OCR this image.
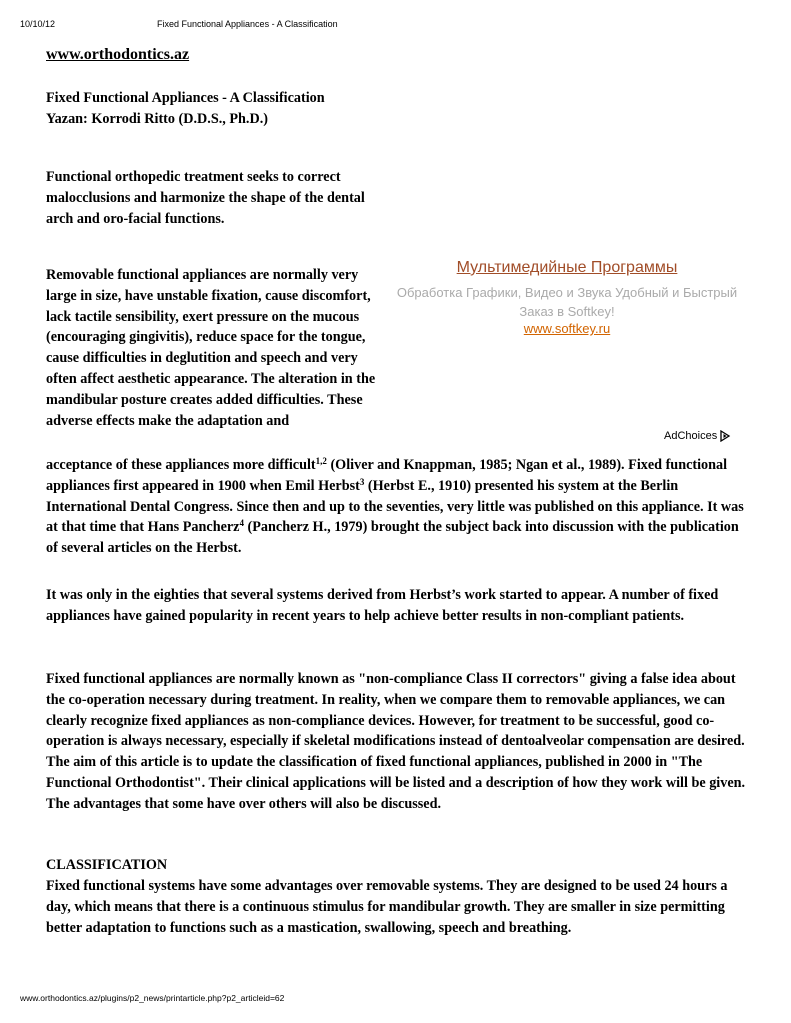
10/10/12	Fixed Functional Appliances - A Classification
www.orthodontics.az

Fixed Functional Appliances - A Classification

Yazan: Korrodi Ritto (D.D.S., Ph.D.)

Functional orthopedic treatment seeks to correct malocclusions and harmonize the shape of the dental arch and oro-facial functions.

Removable functional appliances are normally very large in size, have unstable fixation, cause discomfort, lack tactile sensibility, exert pressure on the mucous (encouraging gingivitis), reduce space for the tongue, cause difficulties in deglutition and speech and very often affect aesthetic appearance. The alteration in the mandibular posture creates added difficulties. These adverse effects make the adaptation and

acceptance of these appliances more difficult$^{1,2}$ (Oliver and Knappman, 1985; Ngan et al., 1989). Fixed functional appliances first appeared in 1900 when Emil Herbst$^3$ (Herbst E., 1910) presented his system at the Berlin International Dental Congress. Since then and up to the seventies, very little was published on this appliance. It was at that time that Hans Pancherz$^4$ (Pancherz H., 1979) brought the subject back into discussion with the publication of several articles on the Herbst.

It was only in the eighties that several systems derived from Herbst’s work started to appear. A number of fixed appliances have gained popularity in recent years to help achieve better results in non-compliant patients.

Fixed functional appliances are normally known as "non-compliance Class II correctors" giving a false idea about the co-operation necessary during treatment. In reality, when we compare them to removable appliances, we can clearly recognize fixed appliances as non-compliance devices. However, for treatment to be successful, good co-operation is always necessary, especially if skeletal modifications instead of dentoalveolar compensation are desired. The aim of this article is to update the classification of fixed functional appliances, published in 2000 in "The Functional Orthodontist". Their clinical applications will be listed and a description of how they work will be given. The advantages that some have over others will also be discussed.

CLASSIFICATION

Fixed functional systems have some advantages over removable systems. They are designed to be used 24 hours a day, which means that there is a continuous stimulus for mandibular growth. They are smaller in size permitting better adaptation to functions such as a mastication, swallowing, speech and breathing.

Мультимедийные Программы
Обработка Графики, Видео и Звука Удобный и Быстрый Заказ в Softkey!
www.softkey.ru
AdChoices
www.orthodontics.az/plugins/p2_news/printarticle.php?p2_articleid=62
